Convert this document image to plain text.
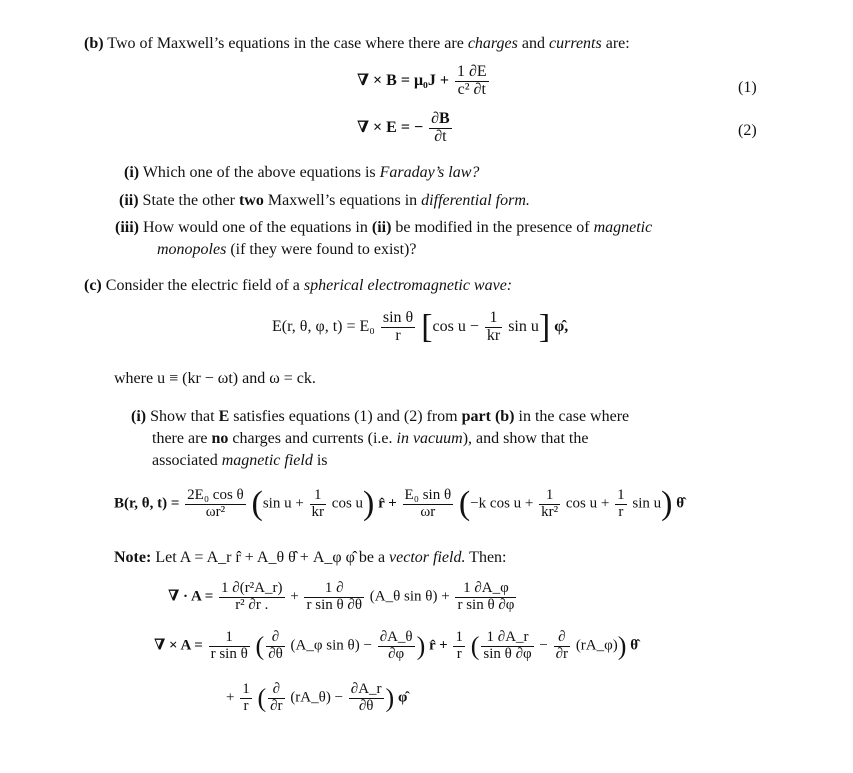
(b) Two of Maxwell’s equations in the case where there are charges and currents are:
∇ × $B = \mu_0J + \frac{1 \partial E}{\text{c² ∂t}}$	(1)
∇ × E = − $\frac{\partial B}{\partial t}$	(2)
(i) Which one of the above equations is Faraday’s law?
(ii) State the other two Maxwell’s equations in differential form.
(iii) How would one of the equations in (ii) be modified in the presence of magnetic
monopoles (if they were found to exist)?
(c) Consider the electric field of a spherical electromagnetic wave:
E(r, θ, φ, $t) = E_0 \frac{\text{sin θ}}{r} [\cos$ $u - \frac{1}{kr}$ sin u] φ̂,
where u ≡ (kr − ωt) and ω = ck.
(i) Show that E satisfies equations (1) and (2) from part (b) in the case where
there are no charges and currents (i.e. in vacuum), and show that the
associated magnetic field is
B(r, θ, $t) = \frac{\text{2E₀ cos θ}}{\text{ωr²}} (\sin$ $u + \frac{1}{kr}$ cos u) r̂ + $\frac{\text{E₀ sin θ}}{\omega r} (-k$ $\cos u + \frac{1}{\text{kr²}}$ $\cos u + \frac{1}{r}$ sin u) θ̂
Note: Let A = A_r r̂ + A_θ θ̂ + A_φ φ̂ be a vector field. Then:
∇ · $A = \frac{\text{1 ∂(r²A\_r)}}{\text{r² ∂r .}} + \frac{1 \partial}{\text{r sin θ ∂θ}}$ (A_θ $\sin \theta) + \frac{1 \partial A\_\varphi}{\text{r sin θ ∂φ}}$
∇ × $A = \frac{1}{\text{r sin θ}}$ ( $\frac{\partial}{\partial\theta}$ (A_φ $\sin \theta) - \frac{\partial A\_\theta}{\partial\varphi}$ ) r̂ + $\frac{1}{r}$ ( $\frac{1 \partial A\_r}{\text{sin θ ∂φ}} - \frac{\partial}{\partial r}$ (rA_φ)) θ̂
+ $\frac{1}{r}$ ( $\frac{\partial}{\partial r}$ (rA_θ) − $\frac{\partial A\_r}{\partial\theta}$ ) φ̂
